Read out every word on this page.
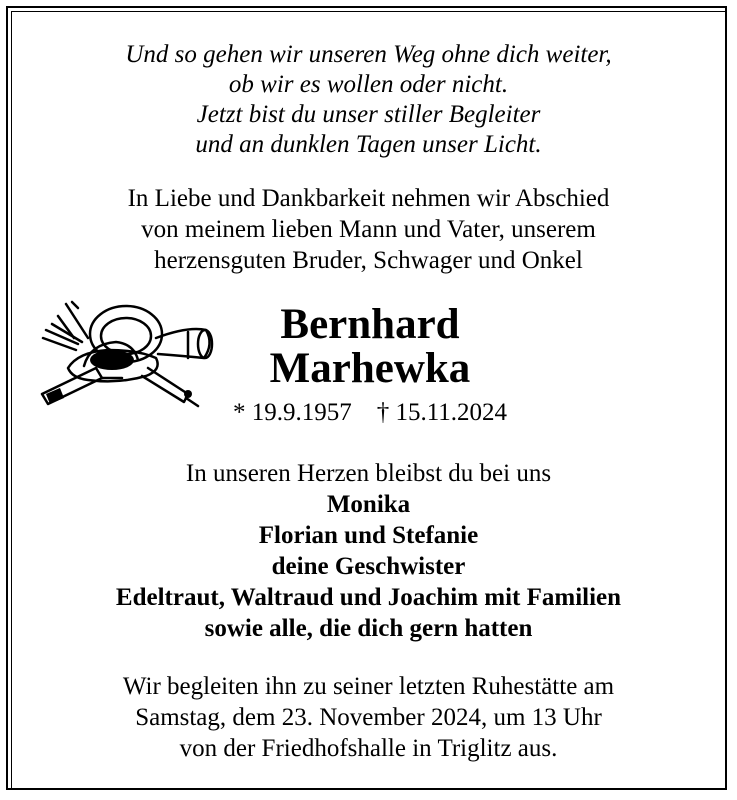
Und so gehen wir unseren Weg ohne dich weiter,
ob wir es wollen oder nicht.
Jetzt bist du unser stiller Begleiter
und an dunklen Tagen unser Licht.
In Liebe und Dankbarkeit nehmen wir Abschied
von meinem lieben Mann und Vater, unserem
herzensguten Bruder, Schwager und Onkel
Bernhard
Marhewka
* 19.9.1957    † 15.11.2024
In unseren Herzen bleibst du bei uns
Monika
Florian und Stefanie
deine Geschwister
Edeltraut, Waltraud und Joachim mit Familien
sowie alle, die dich gern hatten
Wir begleiten ihn zu seiner letzten Ruhestätte am
Samstag, dem 23. November 2024, um 13 Uhr
von der Friedhofshalle in Triglitz aus.
